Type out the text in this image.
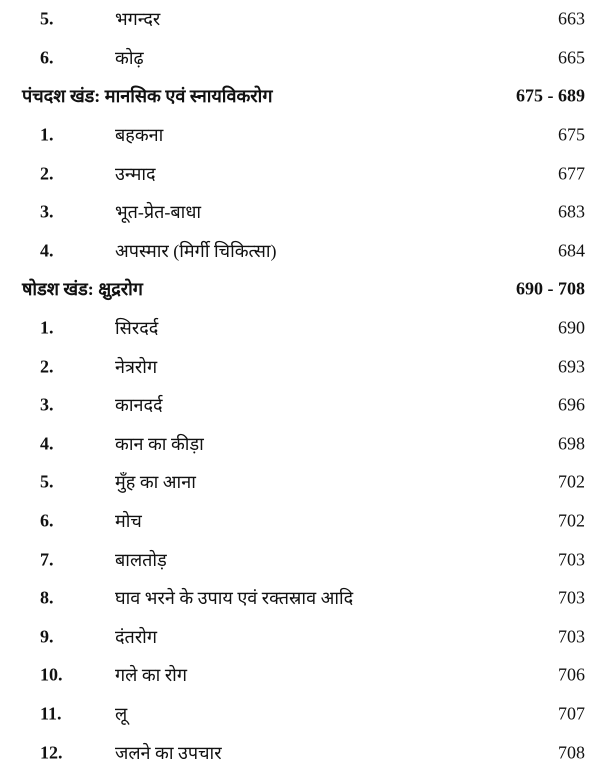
5.	भगन्दर	663
6.	कोढ़	665
पंचदश खंड: मानसिक एवं स्नायविकरोग	675 - 689
1.	बहकना	675
2.	उन्माद	677
3.	भूत-प्रेत-बाधा	683
4.	अपस्मार (मिर्गी चिकित्सा)	684
षोडश खंड: क्षुद्ररोग	690 - 708
1.	सिरदर्द	690
2.	नेत्ररोग	693
3.	कानदर्द	696
4.	कान का कीड़ा	698
5.	मुँह का आना	702
6.	मोच	702
7.	बालतोड़	703
8.	घाव भरने के उपाय एवं रक्तस्राव आदि	703
9.	दंतरोग	703
10.	गले का रोग	706
11.	लू	707
12.	जलने का उपचार	708
